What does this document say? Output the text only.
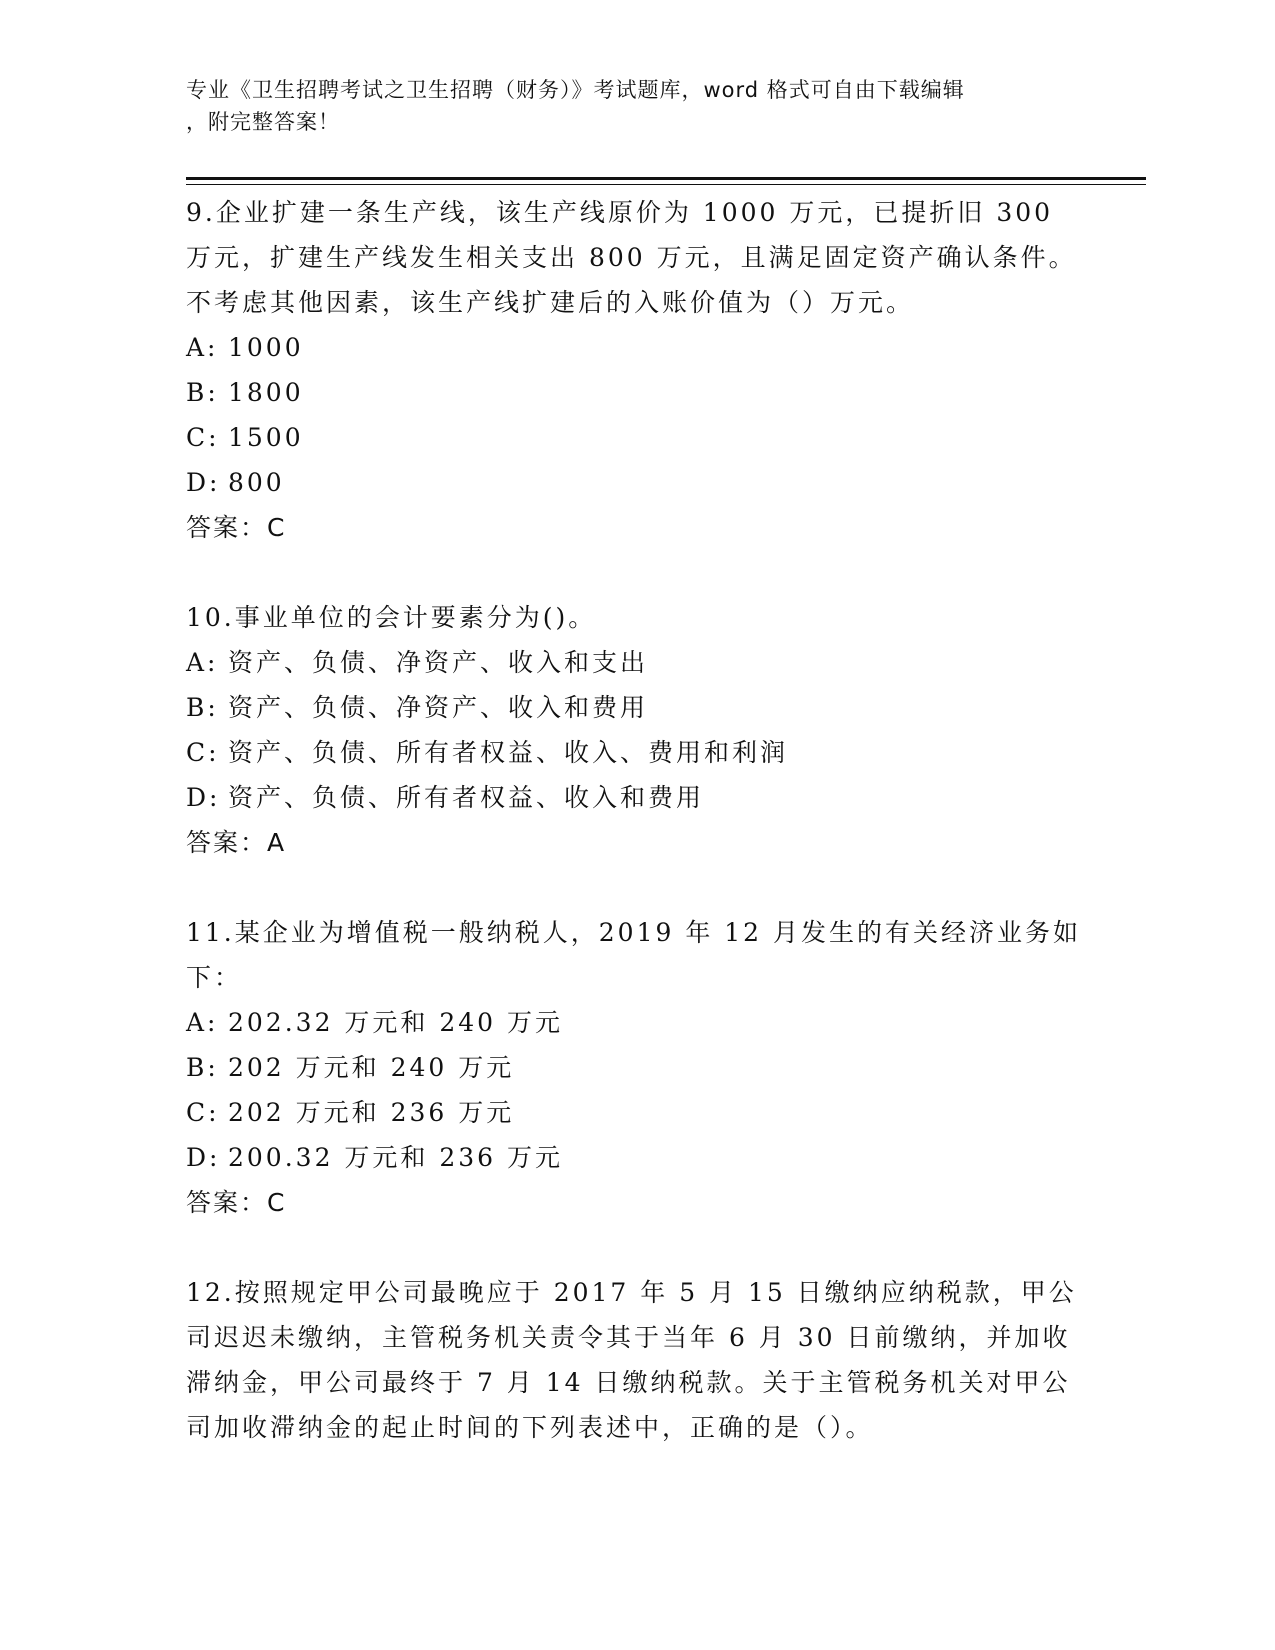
专业《卫生招聘考试之卫生招聘（财务）》考试题库，word 格式可自由下载编辑
，附完整答案！

9.企业扩建一条生产线，该生产线原价为 1000 万元，已提折旧 300 万元，扩建生产线发生相关支出 800 万元，且满足固定资产确认条件。不考虑其他因素，该生产线扩建后的入账价值为（）万元。

A: 1000

B: 1800

C: 1500

D: 800

答案：C

10.事业单位的会计要素分为()。

A: 资产、负债、净资产、收入和支出

B: 资产、负债、净资产、收入和费用

C: 资产、负债、所有者权益、收入、费用和利润

D: 资产、负债、所有者权益、收入和费用

答案：A

11.某企业为增值税一般纳税人，2019 年 12 月发生的有关经济业务如下：

A: 202.32 万元和 240 万元

B: 202 万元和 240 万元

C: 202 万元和 236 万元

D: 200.32 万元和 236 万元

答案：C

12.按照规定甲公司最晚应于 2017 年 5 月 15 日缴纳应纳税款，甲公司迟迟未缴纳，主管税务机关责令其于当年 6 月 30 日前缴纳，并加收滞纳金，甲公司最终于 7 月 14 日缴纳税款。关于主管税务机关对甲公司加收滞纳金的起止时间的下列表述中，正确的是（）。
